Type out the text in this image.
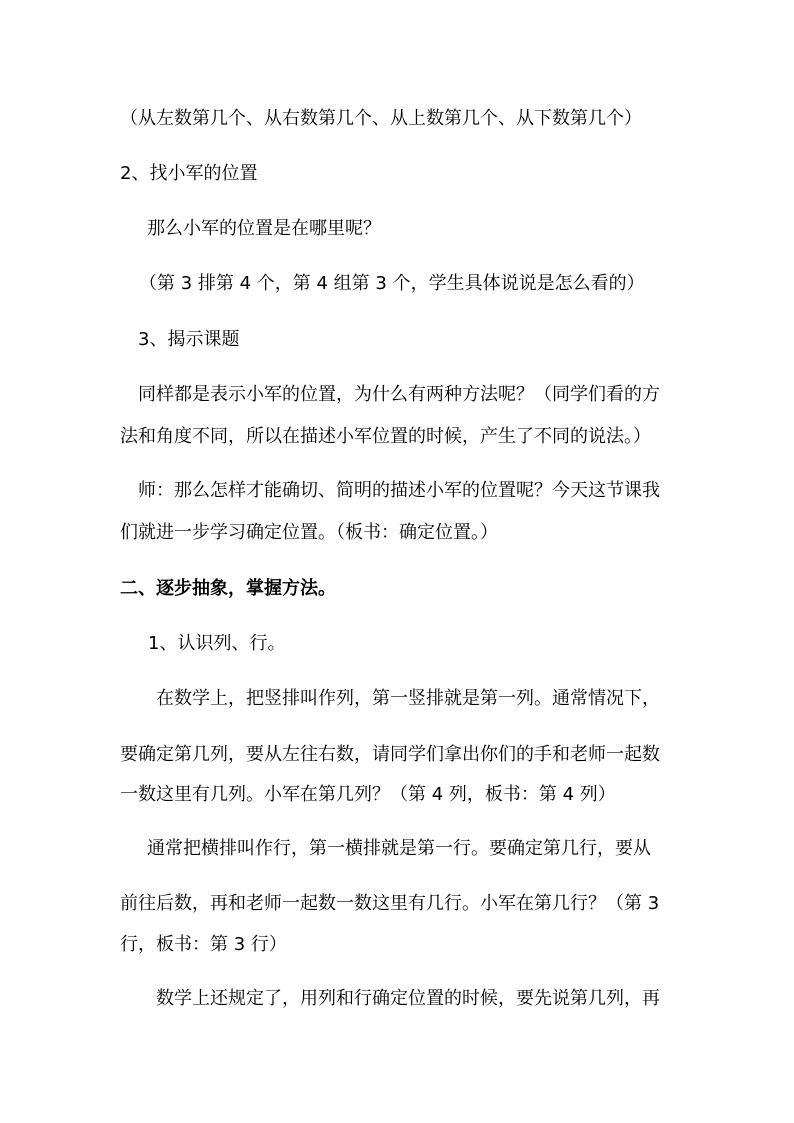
（从左数第几个、从右数第几个、从上数第几个、从下数第几个）
2、找小军的位置
那么小军的位置是在哪里呢？
（第 3 排第 4 个，第 4 组第 3 个，学生具体说说是怎么看的）
3、揭示课题
同样都是表示小军的位置，为什么有两种方法呢？（同学们看的方
法和角度不同，所以在描述小军位置的时候，产生了不同的说法。）
师：那么怎样才能确切、简明的描述小军的位置呢？今天这节课我
们就进一步学习确定位置。（板书：确定位置。）
二、逐步抽象，掌握方法。
1、认识列、行。
在数学上，把竖排叫作列，第一竖排就是第一列。通常情况下，
要确定第几列，要从左往右数，请同学们拿出你们的手和老师一起数
一数这里有几列。小军在第几列？（第 4 列，板书：第 4 列）
通常把横排叫作行，第一横排就是第一行。要确定第几行，要从
前往后数，再和老师一起数一数这里有几行。小军在第几行？（第 3
行，板书：第 3 行）
数学上还规定了，用列和行确定位置的时候，要先说第几列，再
